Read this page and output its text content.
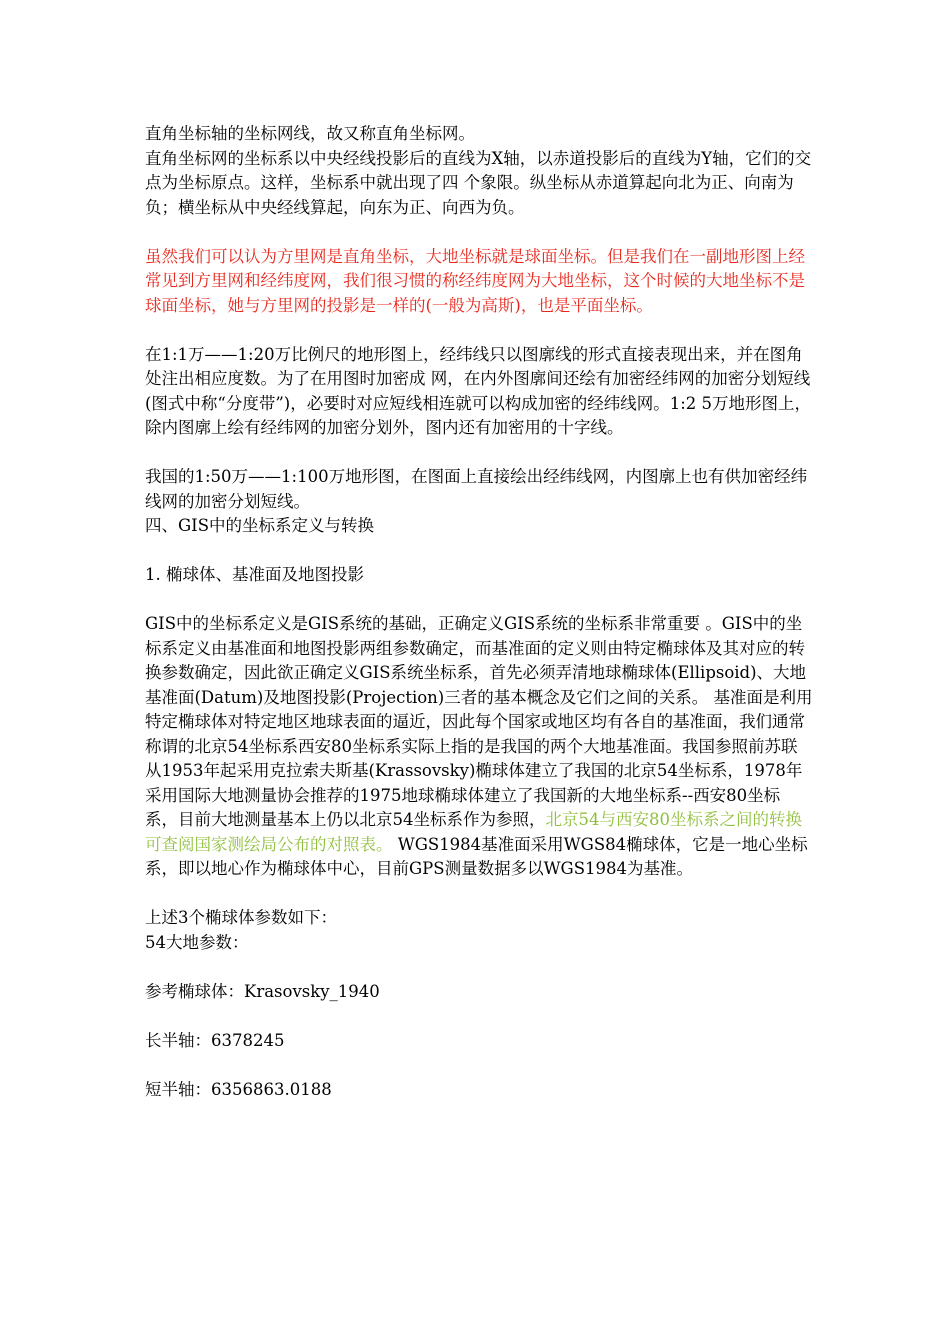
直角坐标轴的坐标网线，故又称直角坐标网。

直角坐标网的坐标系以中央经线投影后的直线为X轴，以赤道投影后的直线为Y轴，它们的交点为坐标原点。这样，坐标系中就出现了四 个象限。纵坐标从赤道算起向北为正、向南为负；横坐标从中央经线算起，向东为正、向西为负。

虽然我们可以认为方里网是直角坐标，大地坐标就是球面坐标。但是我们在一副地形图上经常见到方里网和经纬度网，我们很习惯的称经纬度网为大地坐标，这个时候的大地坐标不是球面坐标，她与方里网的投影是一样的(一般为高斯)，也是平面坐标。

在1:1万——1:20万比例尺的地形图上，经纬线只以图廓线的形式直接表现出来，并在图角处注出相应度数。为了在用图时加密成 网，在内外图廓间还绘有加密经纬网的加密分划短线(图式中称“分度带”)，必要时对应短线相连就可以构成加密的经纬线网。1:2 5万地形图上，除内图廓上绘有经纬网的加密分划外，图内还有加密用的十字线。

我国的1:50万——1:100万地形图，在图面上直接绘出经纬线网，内图廓上也有供加密经纬线网的加密分划短线。

四、GIS中的坐标系定义与转换

1. 椭球体、基准面及地图投影

GIS中的坐标系定义是GIS系统的基础，正确定义GIS系统的坐标系非常重要 。GIS中的坐标系定义由基准面和地图投影两组参数确定，而基准面的定义则由特定椭球体及其对应的转换参数确定，因此欲正确定义GIS系统坐标系，首先必须弄清地球椭球体(Ellipsoid)、大地基准面(Datum)及地图投影(Projection)三者的基本概念及它们之间的关系。 基准面是利用特定椭球体对特定地区地球表面的逼近，因此每个国家或地区均有各自的基准面，我们通常称谓的北京54坐标系西安80坐标系实际上指的是我国的两个大地基准面。我国参照前苏联从1953年起采用克拉索夫斯基(Krassovsky)椭球体建立了我国的北京54坐标系，1978年采用国际大地测量协会推荐的1975地球椭球体建立了我国新的大地坐标系--西安80坐标系，目前大地测量基本上仍以北京54坐标系作为参照，北京54与西安80坐标系之间的转换可查阅国家测绘局公布的对照表。 WGS1984基准面采用WGS84椭球体，它是一地心坐标系，即以地心作为椭球体中心，目前GPS测量数据多以WGS1984为基准。

上述3个椭球体参数如下：

54大地参数：

参考椭球体：Krasovsky_1940

长半轴：6378245

短半轴：6356863.0188
